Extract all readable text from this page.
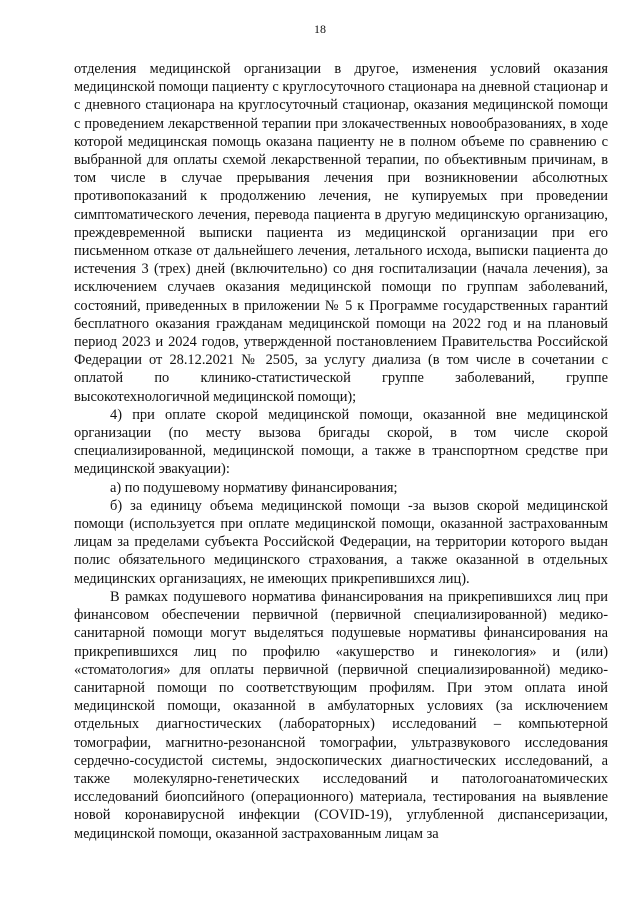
18

отделения медицинской организации в другое, изменения условий оказания медицинской помощи пациенту с круглосуточного стационара на дневной стационар и с дневного стационара на круглосуточный стационар, оказания медицинской помощи с проведением лекарственной терапии при злокачественных новообразованиях, в ходе которой медицинская помощь оказана пациенту не в полном объеме по сравнению с выбранной для оплаты схемой лекарственной терапии, по объективным причинам, в том числе в случае прерывания лечения при возникновении абсолютных противопоказаний к продолжению лечения, не купируемых при проведении симптоматического лечения, перевода пациента в другую медицинскую организацию, преждевременной выписки пациента из медицинской организации при его письменном отказе от дальнейшего лечения, летального исхода, выписки пациента до истечения 3 (трех) дней (включительно) со дня госпитализации (начала лечения), за исключением случаев оказания медицинской помощи по группам заболеваний, состояний, приведенных в приложении № 5 к Программе государственных гарантий бесплатного оказания гражданам медицинской помощи на 2022 год и на плановый период 2023 и 2024 годов, утвержденной постановлением Правительства Российской Федерации от 28.12.2021 № 2505, за услугу диализа (в том числе в сочетании с оплатой по клинико-статистической группе заболеваний, группе высокотехнологичной медицинской помощи);

4) при оплате скорой медицинской помощи, оказанной вне медицинской организации (по месту вызова бригады скорой, в том числе скорой специализированной, медицинской помощи, а также в транспортном средстве при медицинской эвакуации):

а) по подушевому нормативу финансирования;

б) за единицу объема медицинской помощи -за вызов скорой медицинской помощи (используется при оплате медицинской помощи, оказанной застрахованным лицам за пределами субъекта Российской Федерации, на территории которого выдан полис обязательного медицинского страхования, а также оказанной в отдельных медицинских организациях, не имеющих прикрепившихся лиц).

В рамках подушевого норматива финансирования на прикрепившихся лиц при финансовом обеспечении первичной (первичной специализированной) медико-санитарной помощи могут выделяться подушевые нормативы финансирования на прикрепившихся лиц по профилю «акушерство и гинекология» и (или) «стоматология» для оплаты первичной (первичной специализированной) медико-санитарной помощи по соответствующим профилям. При этом оплата иной медицинской помощи, оказанной в амбулаторных условиях (за исключением отдельных диагностических (лабораторных) исследований – компьютерной томографии, магнитно-резонансной томографии, ультразвукового исследования сердечно-сосудистой системы, эндоскопических диагностических исследований, а также молекулярно-генетических исследований и патологоанатомических исследований биопсийного (операционного) материала, тестирования на выявление новой коронавирусной инфекции (COVID-19), углубленной диспансеризации, медицинской помощи, оказанной застрахованным лицам за
